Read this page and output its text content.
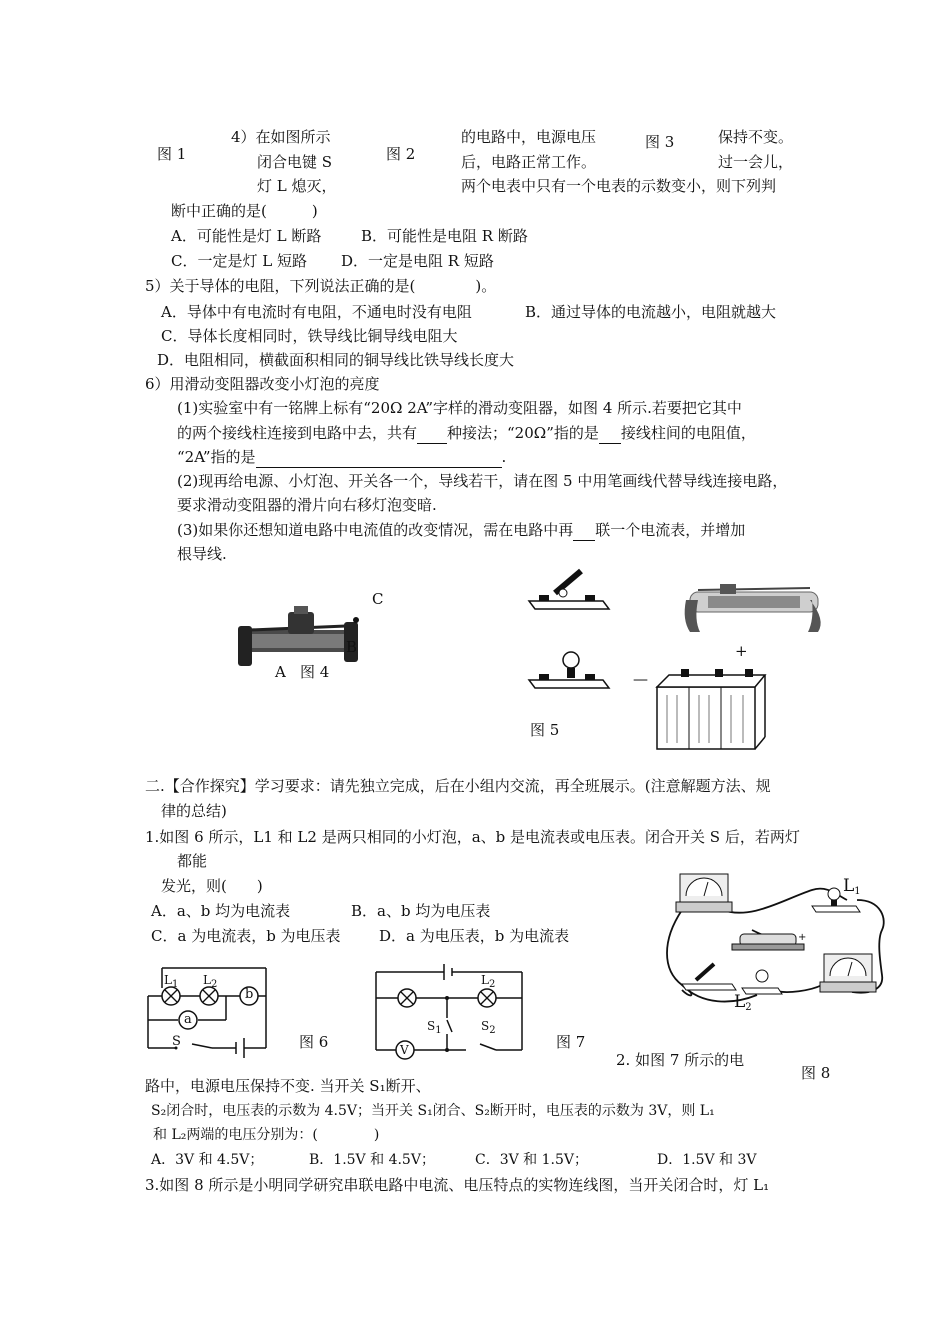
图 1
4）在如图所示
闭合电键 S
灯 L 熄灭，
图 2
的电路中，电源电压
后，电路正常工作。
两个电表中只有一个电表的示数变小，则下列判
图 3	保持不变。
过一会儿，
断中正确的是(　　　)
A．可能性是灯 L 断路	B．可能性是电阻 R 断路
C．一定是灯 L 短路 D．一定是电阻 R 短路
5）关于导体的电阻，下列说法正确的是(　　　　)。
A．导体中有电流时有电阻，不通电时没有电阻	B．通过导体的电流越小，电阻就越大
C．导体长度相同时，铁导线比铜导线电阻大
D．电阻相同，横截面积相同的铜导线比铁导线长度大
6）用滑动变阻器改变小灯泡的亮度
(1)实验室中有一铭牌上标有“20Ω 2A”字样的滑动变阻器，如图 4 所示.若要把它其中
的两个接线柱连接到电路中去，共有 种接法；“20Ω”指的是 接线柱间的电阻值，
“2A”指的是	.
(2)现再给电源、小灯泡、开关各一个，导线若干，请在图 5 中用笔画线代替导线连接电路，
要求滑动变阻器的滑片向右移灯泡变暗.
(3)如果你还想知道电路中电流值的改变情况，需在电路中再 联一个电流表，并增加
根导线.
C
B
A 图 4
+
—
图 5
二.【合作探究】学习要求：请先独立完成，后在小组内交流，再全班展示。(注意解题方法、规
律的总结)
1.如图 6 所示，L1 和 L2 是两只相同的小灯泡，a、b 是电流表或电压表。闭合开关 S 后，若两灯
都能
发光，则(　　)
A．a、b 均为电流表	B．a、b 均为电压表
C．a 为电流表，b 为电压表	D．a 为电压表，b 为电流表
$L_1$ $L_2$
b
a
S	图 6	V
$S_1$	$S_2$
$L_2$
图 7
+
$L_1$
$L_2$
图 8
2. 如图 7 所示的电
路中，电源电压保持不变. 当开关 S₁断开、
S₂闭合时，电压表的示数为 4.5V；当开关 S₁闭合、S₂断开时，电压表的示数为 3V，则 L₁
和 L₂两端的电压分别为：(　　　　)
A．3V 和 4.5V；	B．1.5V 和 4.5V；	C．3V 和 1.5V；	D．1.5V 和 3V
3.如图 8 所示是小明同学研究串联电路中电流、电压特点的实物连线图，当开关闭合时，灯 L₁
